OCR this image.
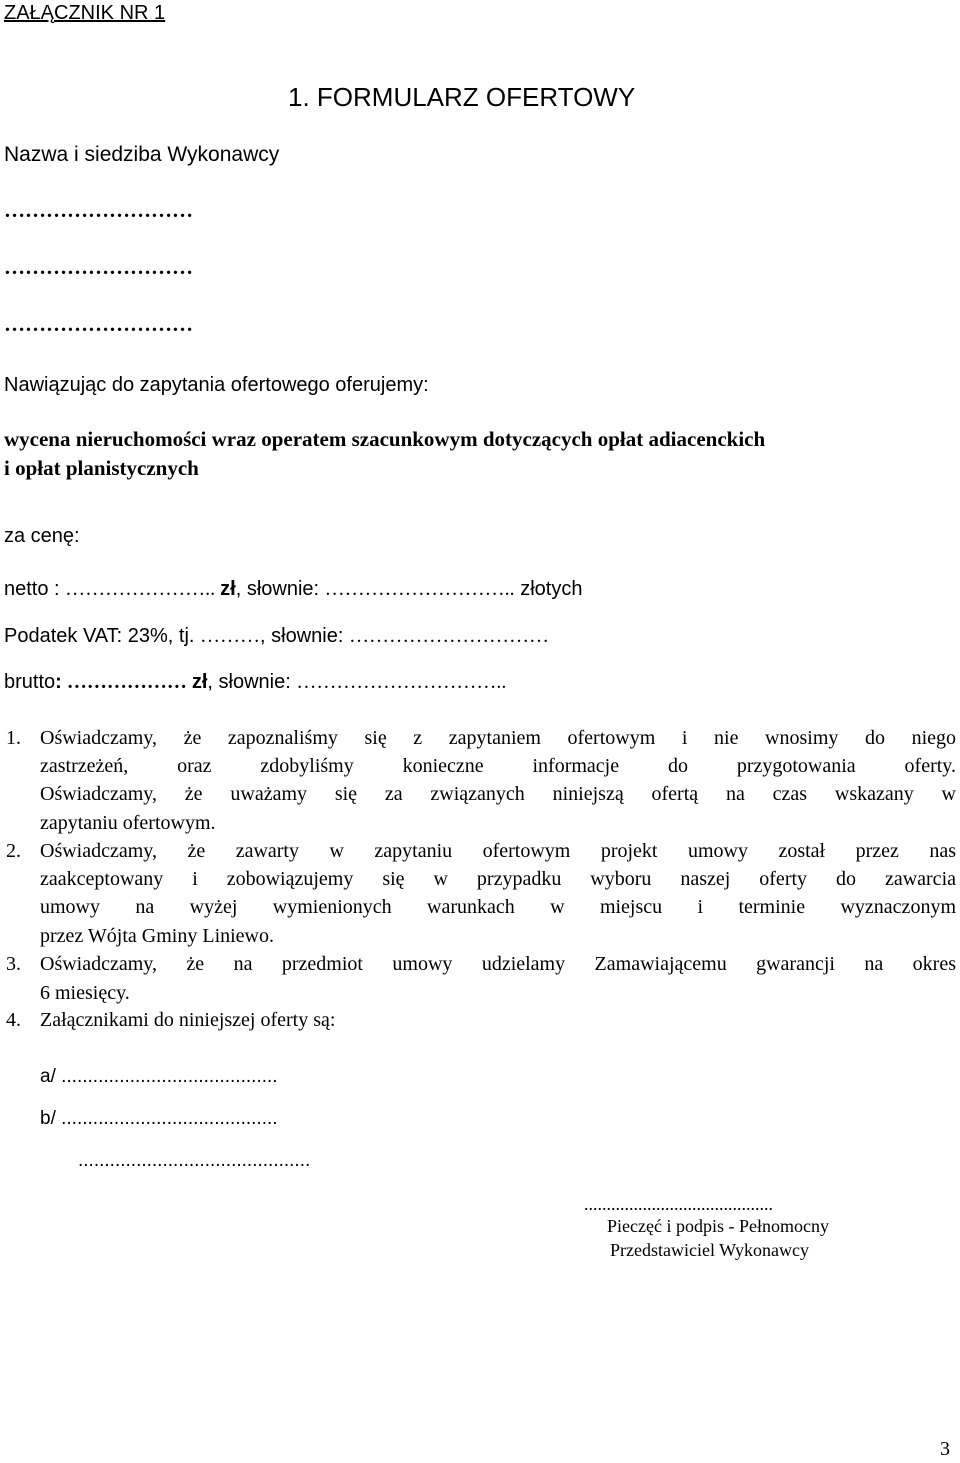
ZAŁĄCZNIK NR 1
1. FORMULARZ OFERTOWY
Nazwa i siedziba Wykonawcy
………………………
………………………
………………………
Nawiązując do zapytania ofertowego oferujemy:
wycena nieruchomości wraz operatem szacunkowym dotyczących opłat adiacenckich
i opłat planistycznych
za cenę:
netto : ………………….. zł, słownie: ……………………….. złotych
Podatek VAT: 23%, tj. ………, słownie: …………………………
brutto: ……………… zł, słownie: …………………………..
1. Oświadczamy, że zapoznaliśmy się z zapytaniem ofertowym i nie wnosimy do niego
zastrzeżeń, oraz zdobyliśmy konieczne informacje do przygotowania oferty.
Oświadczamy, że uważamy się za związanych niniejszą ofertą na czas wskazany w
zapytaniu ofertowym.
2. Oświadczamy, że zawarty w zapytaniu ofertowym projekt umowy został przez nas
zaakceptowany i zobowiązujemy się w przypadku wyboru naszej oferty do zawarcia
umowy na wyżej wymienionych warunkach w miejscu i terminie wyznaczonym
przez Wójta Gminy Liniewo.
3. Oświadczamy, że na przedmiot umowy udzielamy Zamawiającemu gwarancji na okres
6 miesięcy.
4. Załącznikami do niniejszej oferty są:
a/ .........................................
b/ .........................................
............................................
..........................................
Pieczęć i podpis - Pełnomocny
Przedstawiciel Wykonawcy
3
